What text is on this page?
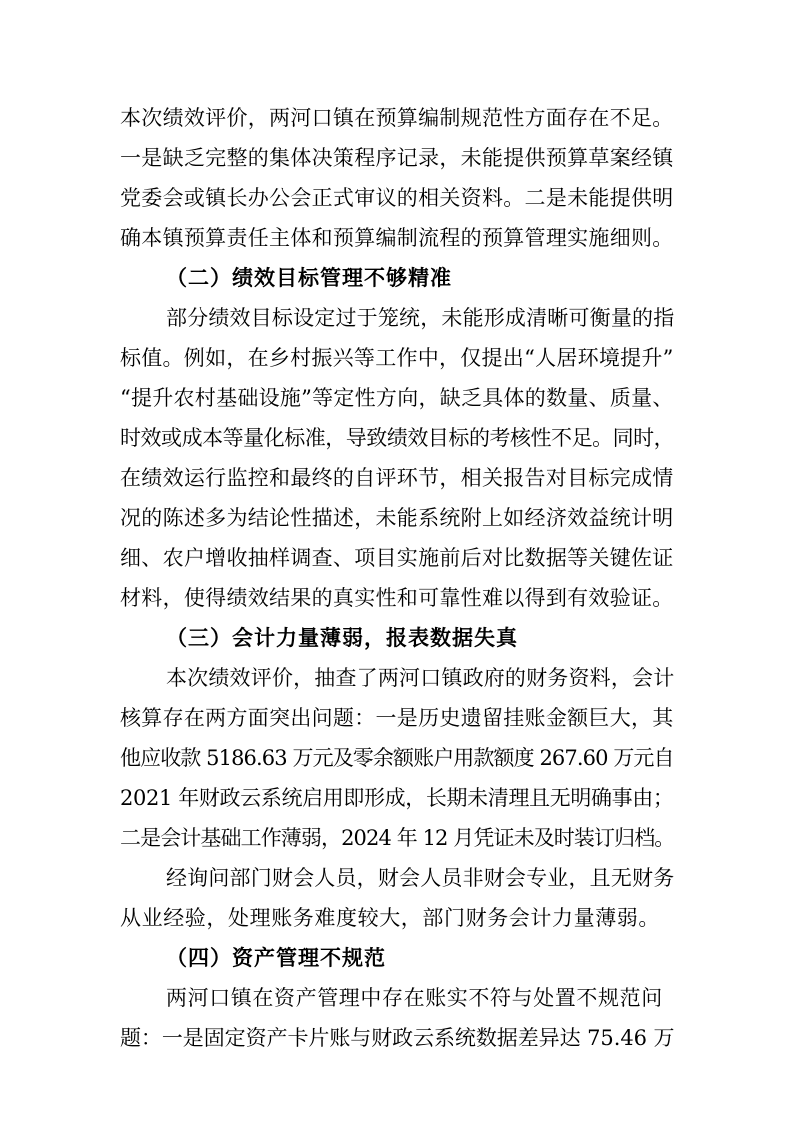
本次绩效评价，两河口镇在预算编制规范性方面存在不足。
一是缺乏完整的集体决策程序记录，未能提供预算草案经镇
党委会或镇长办公会正式审议的相关资料。二是未能提供明
确本镇预算责任主体和预算编制流程的预算管理实施细则。
（二）绩效目标管理不够精准
部分绩效目标设定过于笼统，未能形成清晰可衡量的指
标值。例如，在乡村振兴等工作中，仅提出“人居环境提升”
“提升农村基础设施”等定性方向，缺乏具体的数量、质量、
时效或成本等量化标准，导致绩效目标的考核性不足。同时，
在绩效运行监控和最终的自评环节，相关报告对目标完成情
况的陈述多为结论性描述，未能系统附上如经济效益统计明
细、农户增收抽样调查、项目实施前后对比数据等关键佐证
材料，使得绩效结果的真实性和可靠性难以得到有效验证。
（三）会计力量薄弱，报表数据失真
本次绩效评价，抽查了两河口镇政府的财务资料，会计
核算存在两方面突出问题：一是历史遗留挂账金额巨大，其
他应收款 5186.63 万元及零余额账户用款额度 267.60 万元自
2021 年财政云系统启用即形成，长期未清理且无明确事由；
二是会计基础工作薄弱，2024 年 12 月凭证未及时装订归档。
经询问部门财会人员，财会人员非财会专业，且无财务
从业经验，处理账务难度较大，部门财务会计力量薄弱。
（四）资产管理不规范
两河口镇在资产管理中存在账实不符与处置不规范问
题：一是固定资产卡片账与财政云系统数据差异达 75.46 万
